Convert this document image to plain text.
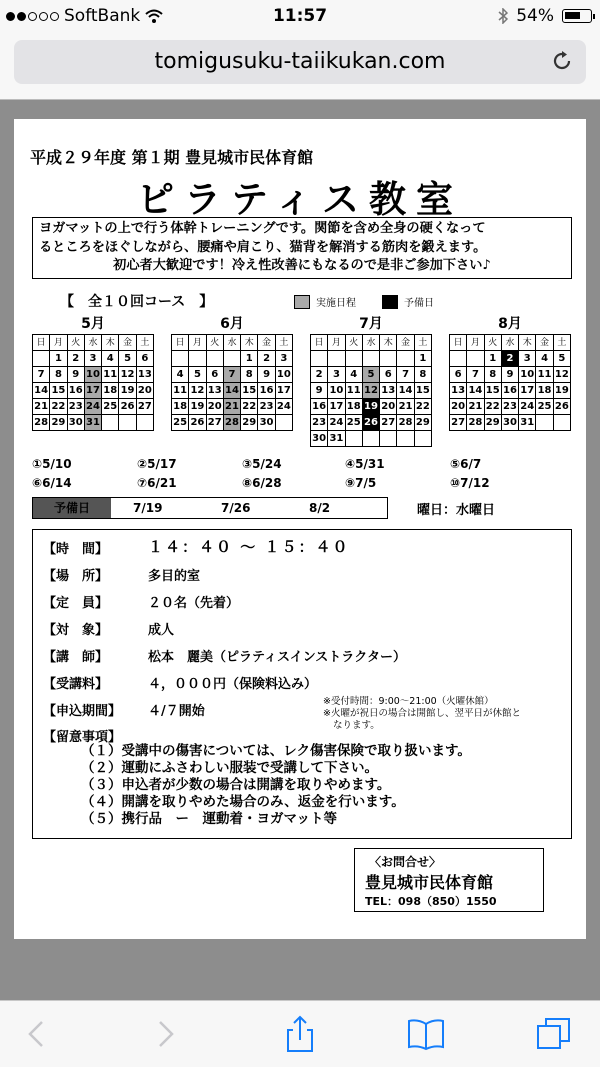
SoftBank	11:57	54%
tomigusuku-taiikukan.com
平成２９年度 第１期 豊見城市民体育館
ピラティス教室
ヨガマットの上で行う体幹トレーニングです。関節を含め全身の硬くなって
るところをほぐしながら、腰痛や肩こり、猫背を解消する筋肉を鍛えます。

初心者大歓迎です！冷え性改善にもなるので是非ご参加下さい♪
【　全１０回コース　】	実施日程	予備日
5月
日	月	火	水	木	金	土
	1	2	3	4	5	6
7	8	9	10	11	12	13
14	15	16	17	18	19	20
21	22	23	24	25	26	27
28	29	30	31			
6月
日	月	火	水	木	金	土
				1	2	3
4	5	6	7	8	9	10
11	12	13	14	15	16	17
18	19	20	21	22	23	24
25	26	27	28	29	30	
7月
日	月	火	水	木	金	土
						1
2	3	4	5	6	7	8
9	10	11	12	13	14	15
16	17	18	19	20	21	22
23	24	25	26	27	28	29
30	31					
8月
日	月	火	水	木	金	土
		1	2	3	4	5
6	7	8	9	10	11	12
13	14	15	16	17	18	19
20	21	22	23	24	25	26
27	28	29	30	31		
①5/10	②5/17	③5/24	④5/31	⑤6/7
⑥6/14	⑦6/21	⑧6/28	⑨7/5	⑩7/12
予備日	7/19	7/26	8/2	曜日：水曜日
【時　間】	１４：４０ ～ １５：４０
【場　所】	多目的室
【定　員】	２０名（先着）
【対　象】	成人
【講　師】	松本　麗美（ピラティスインストラクター）
【受講料】	４，０００円（保険料込み）
【申込期間】 ４/７開始
※受付時間：9:00～21:00（火曜休館）
※火曜が祝日の場合は開館し、翌平日が休館と
なります。
【留意事項】
（１）受講中の傷害については、レク傷害保険で取り扱います。
（２）運動にふさわしい服装で受講して下さい。
（３）申込者が少数の場合は開講を取りやめます。
（４）開講を取りやめた場合のみ、返金を行います。
（５）携行品　ー　運動着・ヨガマット等
〈お問合せ〉
豊見城市民体育館
TEL：098（850）1550
